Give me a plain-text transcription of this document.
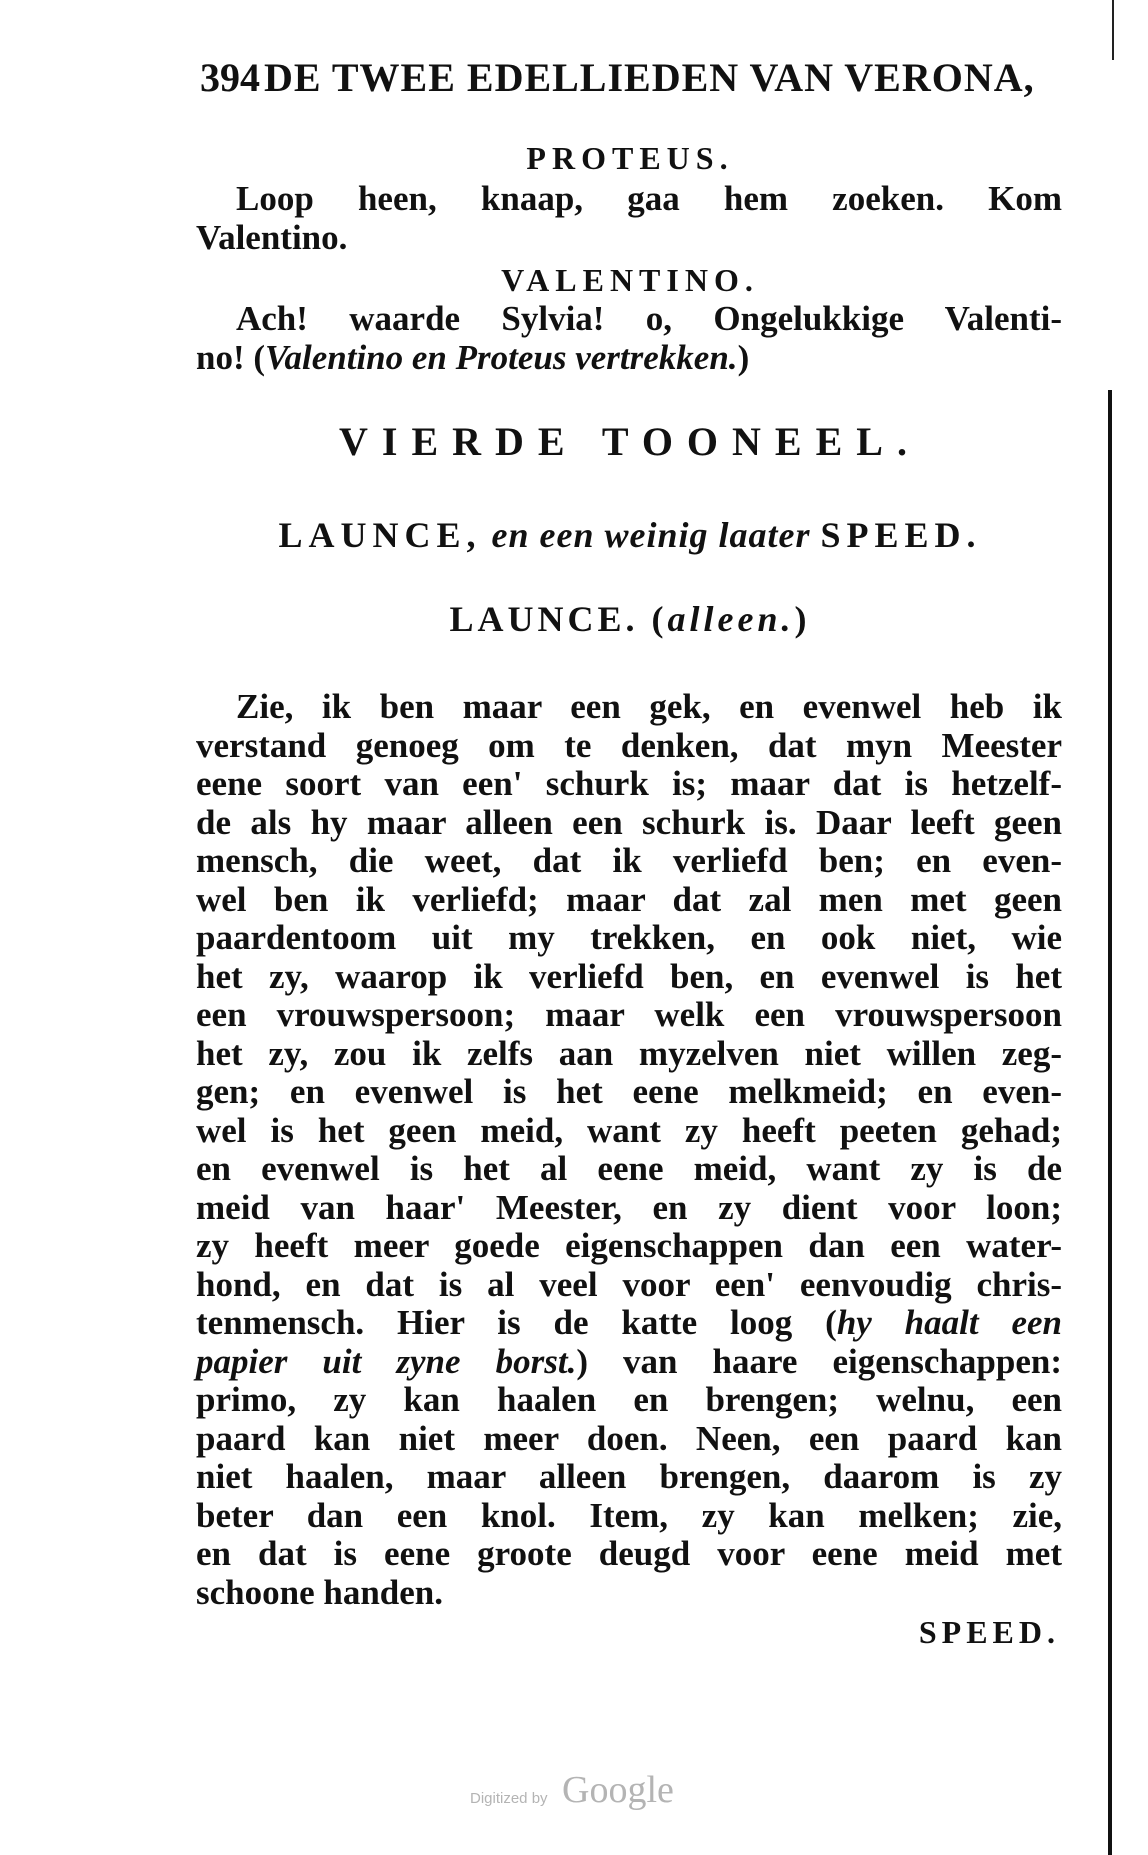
394 DE TWEE EDELLIEDEN VAN VERONA,
PROTEUS.
Loop heen, knaap, gaa hem zoeken. Kom
Valentino.
VALENTINO.
Ach! waarde Sylvia! o, Ongelukkige Valenti-
no! (Valentino en Proteus vertrekken.)
VIERDE TOONEEL.
LAUNCE, en een weinig laater SPEED.
LAUNCE. (alleen.)
Zie, ik ben maar een gek, en evenwel heb ik
verstand genoeg om te denken, dat myn Meester
eene soort van een' schurk is; maar dat is hetzelf-
de als hy maar alleen een schurk is. Daar leeft geen
mensch, die weet, dat ik verliefd ben; en even-
wel ben ik verliefd; maar dat zal men met geen
paardentoom uit my trekken, en ook niet, wie
het zy, waarop ik verliefd ben, en evenwel is het
een vrouwspersoon; maar welk een vrouwspersoon
het zy, zou ik zelfs aan myzelven niet willen zeg-
gen; en evenwel is het eene melkmeid; en even-
wel is het geen meid, want zy heeft peeten gehad;
en evenwel is het al eene meid, want zy is de
meid van haar' Meester, en zy dient voor loon;
zy heeft meer goede eigenschappen dan een water-
hond, en dat is al veel voor een' eenvoudig chris-
tenmensch. Hier is de katte loog (hy haalt een
papier uit zyne borst.) van haare eigenschappen:
primo, zy kan haalen en brengen; welnu, een
paard kan niet meer doen. Neen, een paard kan
niet haalen, maar alleen brengen, daarom is zy
beter dan een knol. Item, zy kan melken; zie,
en dat is eene groote deugd voor eene meid met
schoone handen.
SPEED.
Digitized by Google
